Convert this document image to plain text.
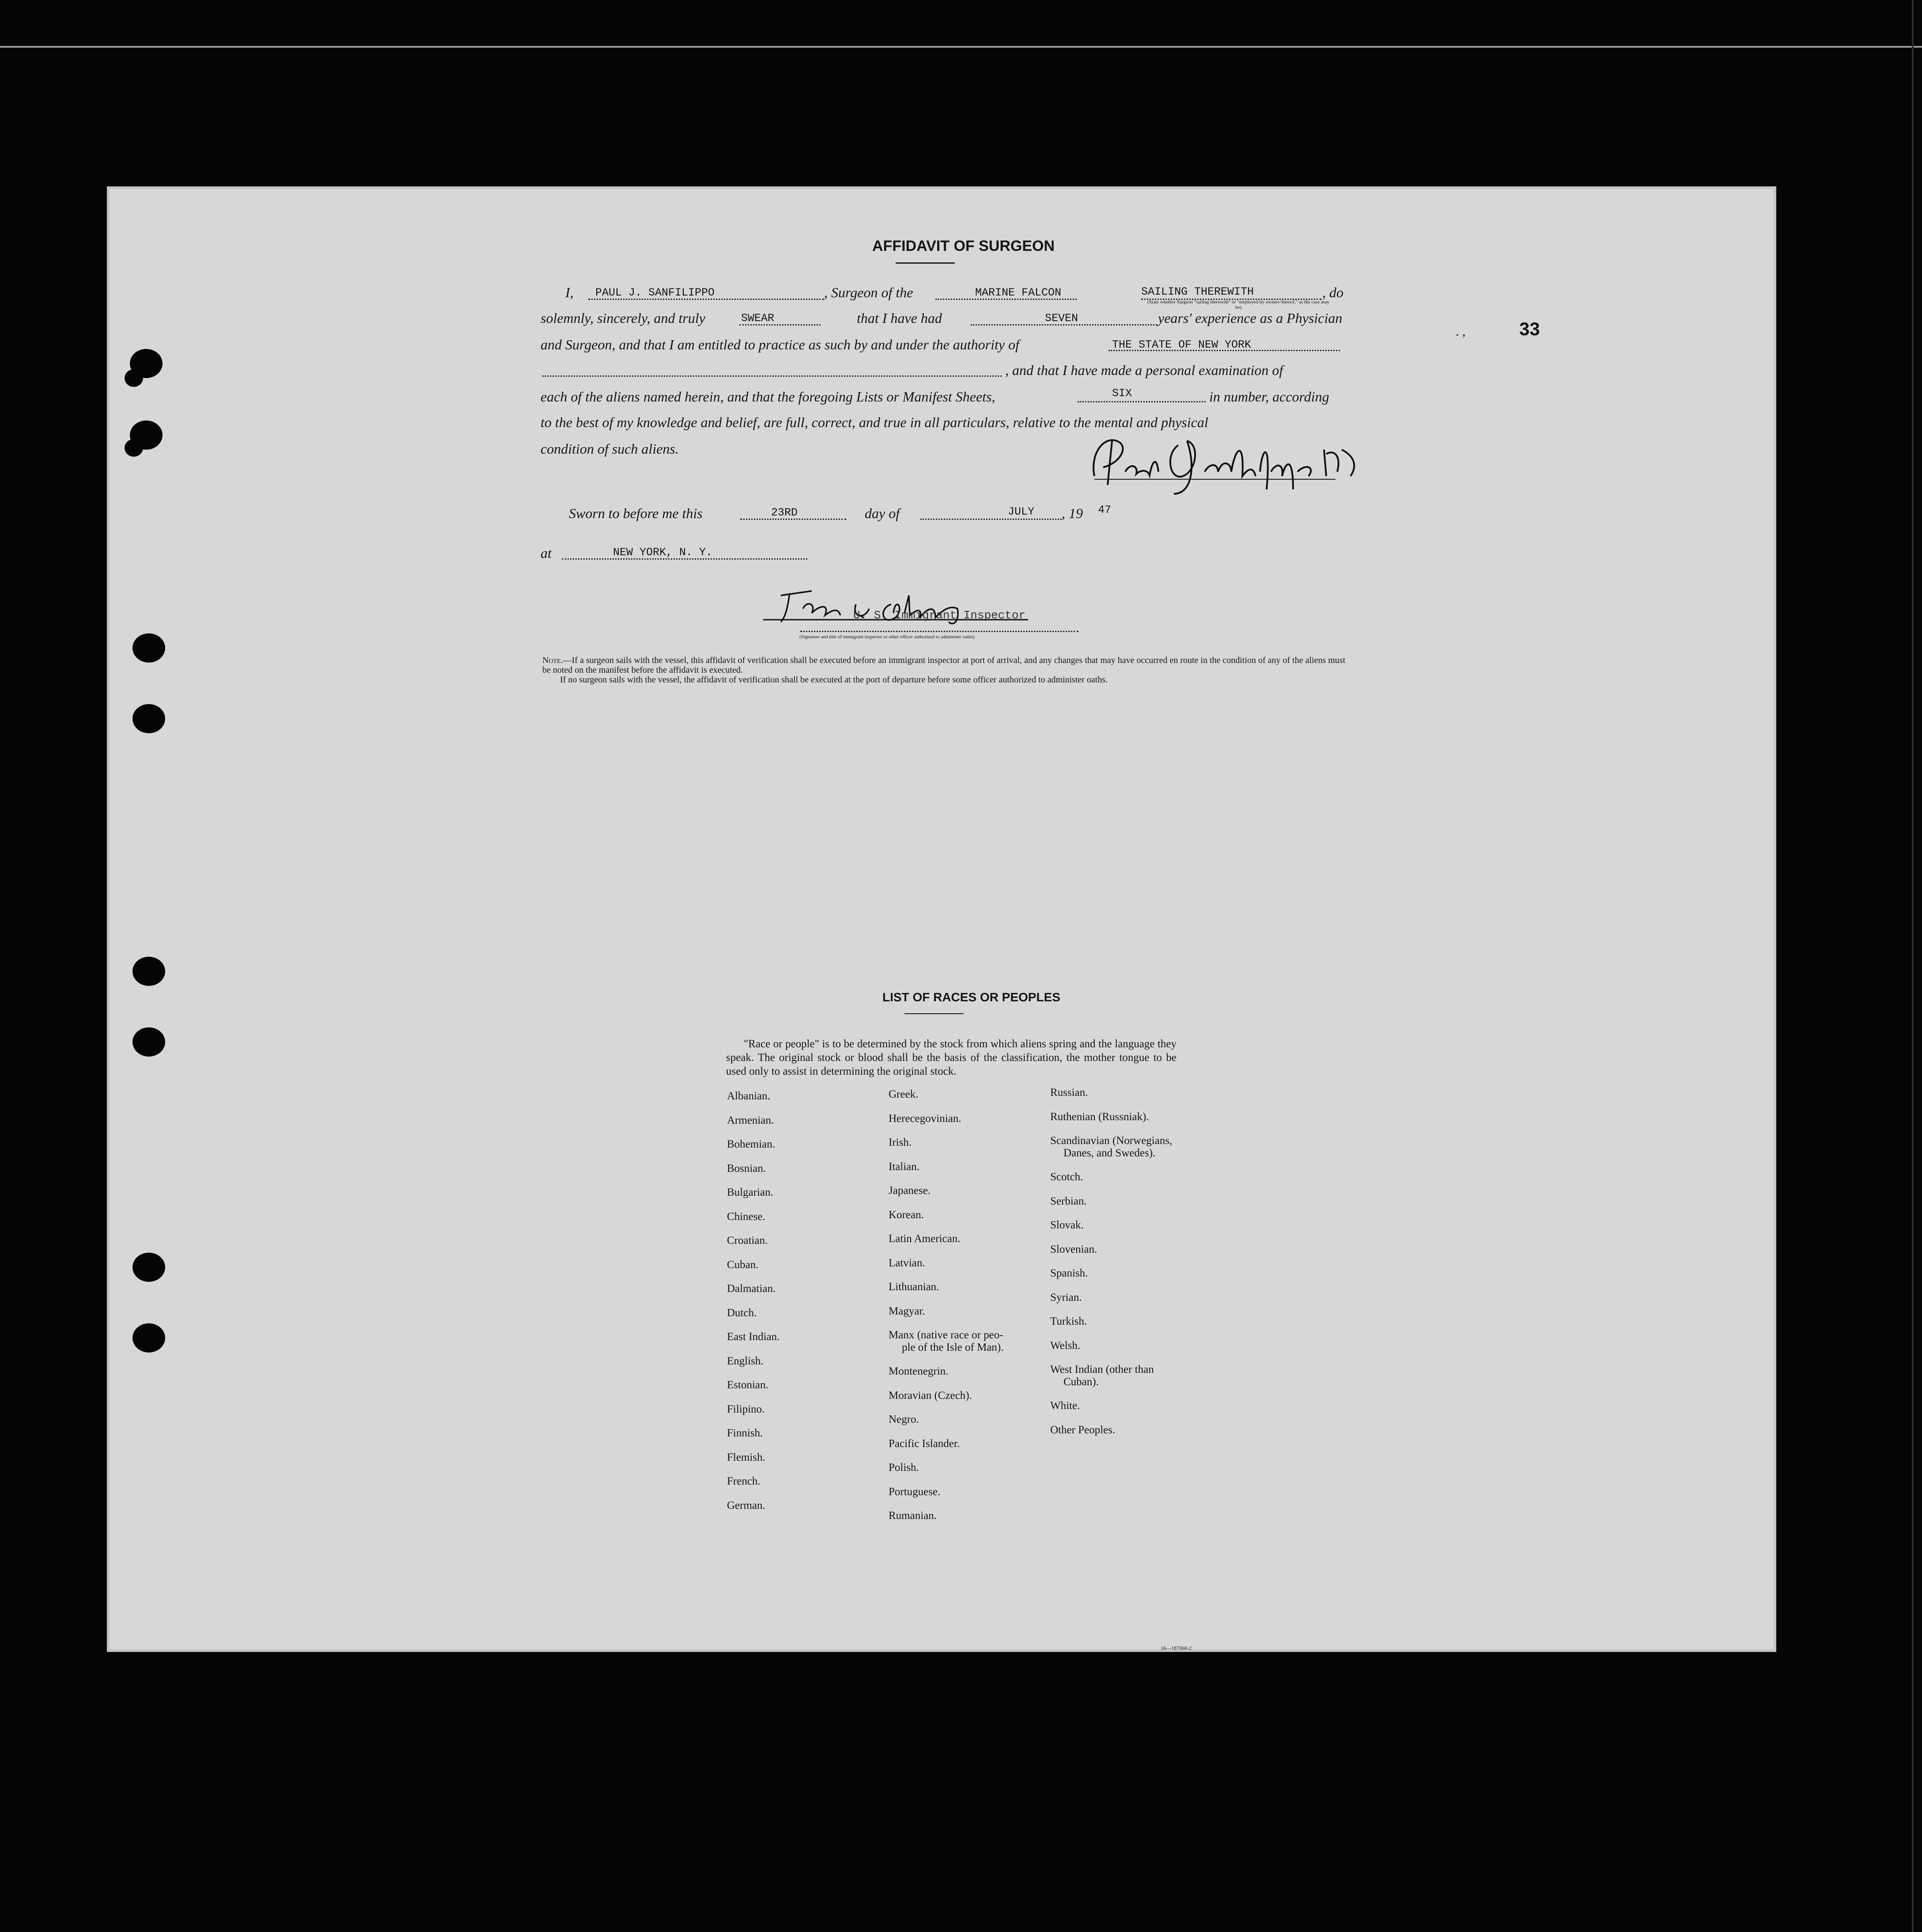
. ,	33
AFFIDAVIT OF SURGEON
I, PAUL J. SANFILIPPO	, Surgeon of the	MARINE FALCON	SAILING THEREWITH	, do
(State whether Surgeon "sailing therewith" or "employed by owners thereof," as the case may be)
solemnly, sincerely, and truly	SWEAR	that I have had	SEVEN	years' experience as a Physician
and Surgeon, and that I am entitled to practice as such by and under the authority of	THE STATE OF NEW YORK
, and that I have made a personal examination of
each of the aliens named herein, and that the foregoing Lists or Manifest Sheets,	SIX	in number, according
to the best of my knowledge and belief, are full, correct, and true in all particulars, relative to the mental and physical
condition of such aliens.
Sworn to before me this	23RD	day of	JULY , 19 47
at	NEW YORK, N. Y.
U. S. Immigrant Inspector
(Signature and title of immigrant inspector or other officer authorized to administer oaths)
Note.—If a surgeon sails with the vessel, this affidavit of verification shall be executed before an immigrant inspector at port of arrival, and any changes that may have occurred en route in the condition of any of the aliens must be noted on the manifest before the affidavit is executed.
If no surgeon sails with the vessel, the affidavit of verification shall be executed at the port of departure before some officer authorized to administer oaths.
LIST OF RACES OR PEOPLES
"Race or people" is to be determined by the stock from which aliens spring and the language they speak. The original stock or blood shall be the basis of the classification, the mother tongue to be used only to assist in determining the original stock.
Albanian.
Armenian.
Bohemian.
Bosnian.
Bulgarian.
Chinese.
Croatian.
Cuban.
Dalmatian.
Dutch.
East Indian.
English.
Estonian.
Filipino.
Finnish.
Flemish.
French.
German.
Greek.
Herecegovinian.
Irish.
Italian.
Japanese.
Korean.
Latin American.
Latvian.
Lithuanian.
Magyar.
Manx (native race or peo-
ple of the Isle of Man).
Montenegrin.
Moravian (Czech).
Negro.
Pacific Islander.
Polish.
Portuguese.
Rumanian.
Russian.
Ruthenian (Russniak).
Scandinavian (Norwegians,
Danes, and Swedes).
Scotch.
Serbian.
Slovak.
Slovenian.
Spanish.
Syrian.
Turkish.
Welsh.
West Indian (other than
Cuban).
White.
Other Peoples.
16—187060-2
